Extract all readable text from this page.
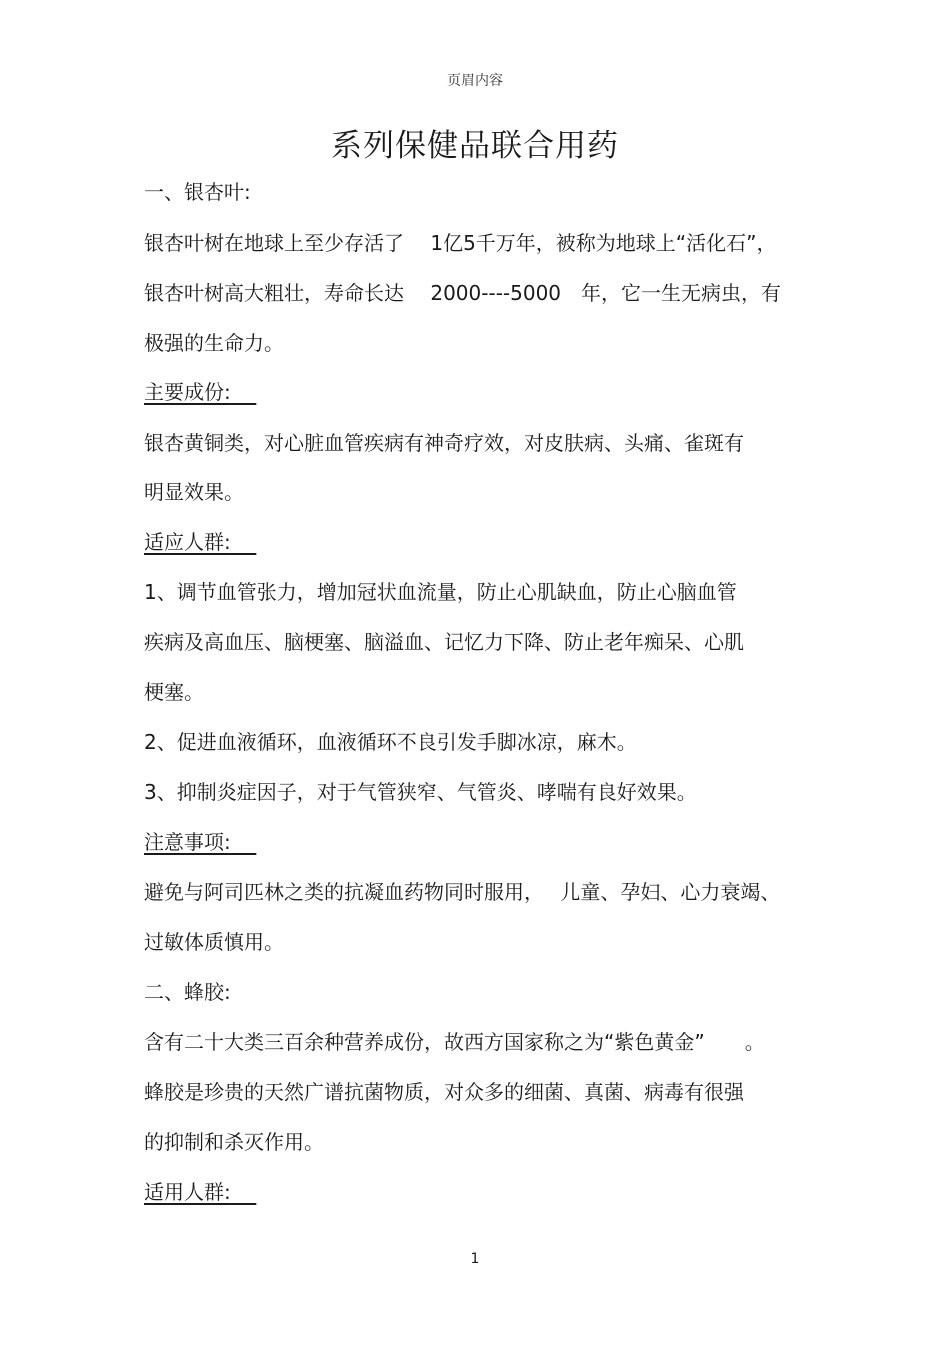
页眉内容
系列保健品联合用药
一、银杏叶:
银杏叶树在地球上至少存活了　 1亿5千万年，被称为地球上“活化石”，
银杏叶树高大粗壮，寿命长达　 2000----5000　年，它一生无病虫，有
极强的生命力。
主要成份:
银杏黄铜类，对心脏血管疾病有神奇疗效，对皮肤病、头痛、雀斑有
明显效果。
适应人群:
1、调节血管张力，增加冠状血流量，防止心肌缺血，防止心脑血管
疾病及高血压、脑梗塞、脑溢血、记忆力下降、防止老年痴呆、心肌
梗塞。
2、促进血液循环，血液循环不良引发手脚冰凉，麻木。
3、抑制炎症因子，对于气管狭窄、气管炎、哮喘有良好效果。
注意事项:
避免与阿司匹林之类的抗凝血药物同时服用，　 儿童、孕妇、心力衰竭、
过敏体质慎用。
二、蜂胶:
含有二十大类三百余种营养成份，故西方国家称之为“紫色黄金”　　。
蜂胶是珍贵的天然广谱抗菌物质，对众多的细菌、真菌、病毒有很强
的抑制和杀灭作用。
适用人群:
1
